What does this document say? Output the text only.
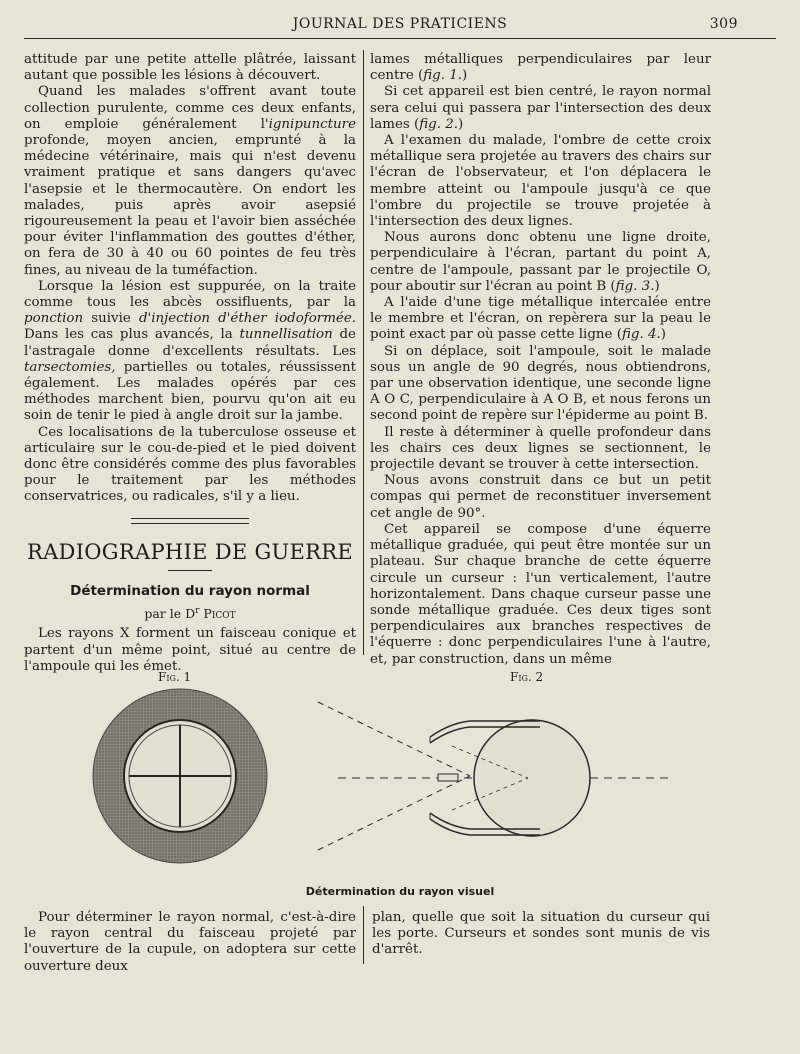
JOURNAL DES PRATICIENS	309

attitude par une petite attelle plâtrée, laissant autant que possible les lésions à découvert.

Quand les malades s'offrent avant toute collection purulente, comme ces deux enfants, on emploie généralement l'ignipuncture profonde, moyen ancien, emprunté à la médecine vétérinaire, mais qui n'est devenu vraiment pratique et sans dangers qu'avec l'asepsie et le thermocautère. On endort les malades, puis après avoir asepsié rigoureusement la peau et l'avoir bien asséchée pour éviter l'inflammation des gouttes d'éther, on fera de 30 à 40 ou 60 pointes de feu très fines, au niveau de la tuméfaction.

Lorsque la lésion est suppurée, on la traite comme tous les abcès ossifluents, par la ponction suivie d'injection d'éther iodoformée. Dans les cas plus avancés, la tunnellisation de l'astragale donne d'excellents résultats. Les tarsectomies, partielles ou totales, réussissent également. Les malades opérés par ces méthodes marchent bien, pourvu qu'on ait eu soin de tenir le pied à angle droit sur la jambe.

Ces localisations de la tuberculose osseuse et articulaire sur le cou-de-pied et le pied doivent donc être considérés comme des plus favorables pour le traitement par les méthodes conservatrices, ou radicales, s'il y a lieu.

RADIOGRAPHIE DE GUERRE
Détermination du rayon normal
par le $D^r$ Picot

Les rayons X forment un faisceau conique et partent d'un même point, situé au centre de l'ampoule qui les émet.

lames métalliques perpendiculaires par leur centre (fig. 1.)

Si cet appareil est bien centré, le rayon normal sera celui qui passera par l'intersection des deux lames (fig. 2.)

A l'examen du malade, l'ombre de cette croix métallique sera projetée au travers des chairs sur l'écran de l'observateur, et l'on déplacera le membre atteint ou l'ampoule jusqu'à ce que l'ombre du projectile se trouve projetée à l'intersection des deux lignes.

Nous aurons donc obtenu une ligne droite, perpendiculaire à l'écran, partant du point A, centre de l'ampoule, passant par le projectile O, pour aboutir sur l'écran au point B (fig. 3.)

A l'aide d'une tige métallique intercalée entre le membre et l'écran, on repèrera sur la peau le point exact par où passe cette ligne (fig. 4.)

Si on déplace, soit l'ampoule, soit le malade sous un angle de 90 degrés, nous obtiendrons, par une observation identique, une seconde ligne A O C, perpendiculaire à A O B, et nous ferons un second point de repère sur l'épiderme au point B.

Il reste à déterminer à quelle profondeur dans les chairs ces deux lignes se sectionnent, le projectile devant se trouver à cette intersection.

Nous avons construit dans ce but un petit compas qui permet de reconstituer inversement cet angle de 90°.

Cet appareil se compose d'une équerre métallique graduée, qui peut être montée sur un plateau. Sur chaque branche de cette équerre circule un curseur : l'un verticalement, l'autre horizontalement. Dans chaque curseur passe une sonde métallique graduée. Ces deux tiges sont perpendiculaires aux branches respectives de l'équerre : donc perpendiculaires l'une à l'autre, et, par construction, dans un même

Fig. 1	Fig. 2
Détermination du rayon visuel

Pour déterminer le rayon normal, c'est-à-dire le rayon central du faisceau projeté par l'ouverture de la cupule, on adoptera sur cette ouverture deux

plan, quelle que soit la situation du curseur qui les porte. Curseurs et sondes sont munis de vis d'arrêt.
